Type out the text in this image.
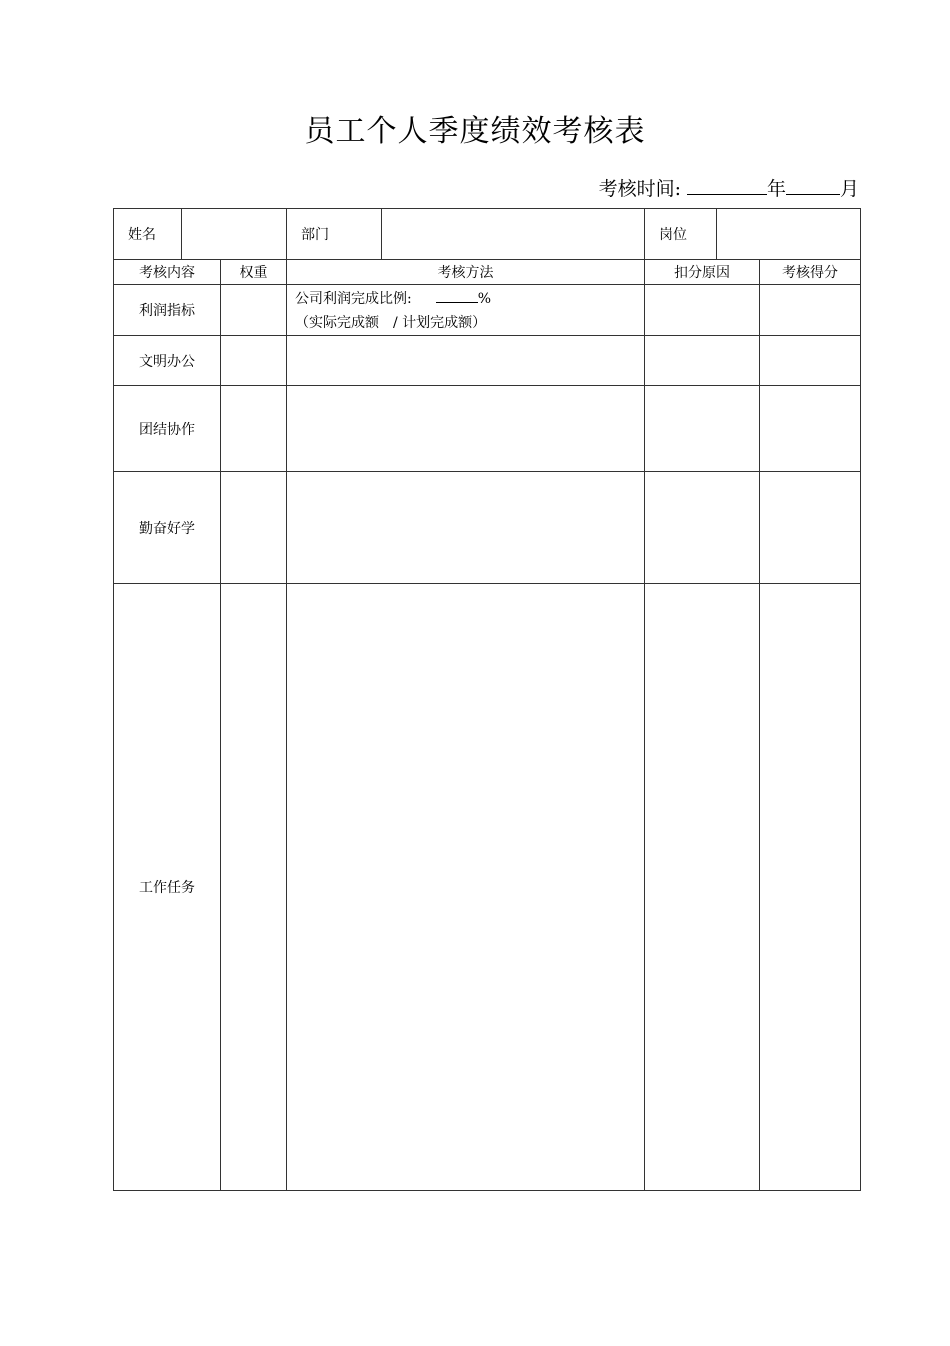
员工个人季度绩效考核表
考核时间:	年	月
姓名			部门		岗位		
考核内容		权重	考核方法		扣分原因		考核得分
利润指标			公司利润完成比例: %
（实际完成额　/ 计划完成额）				

文明办公							
团结协作							
勤奋好学							
工作任务							
